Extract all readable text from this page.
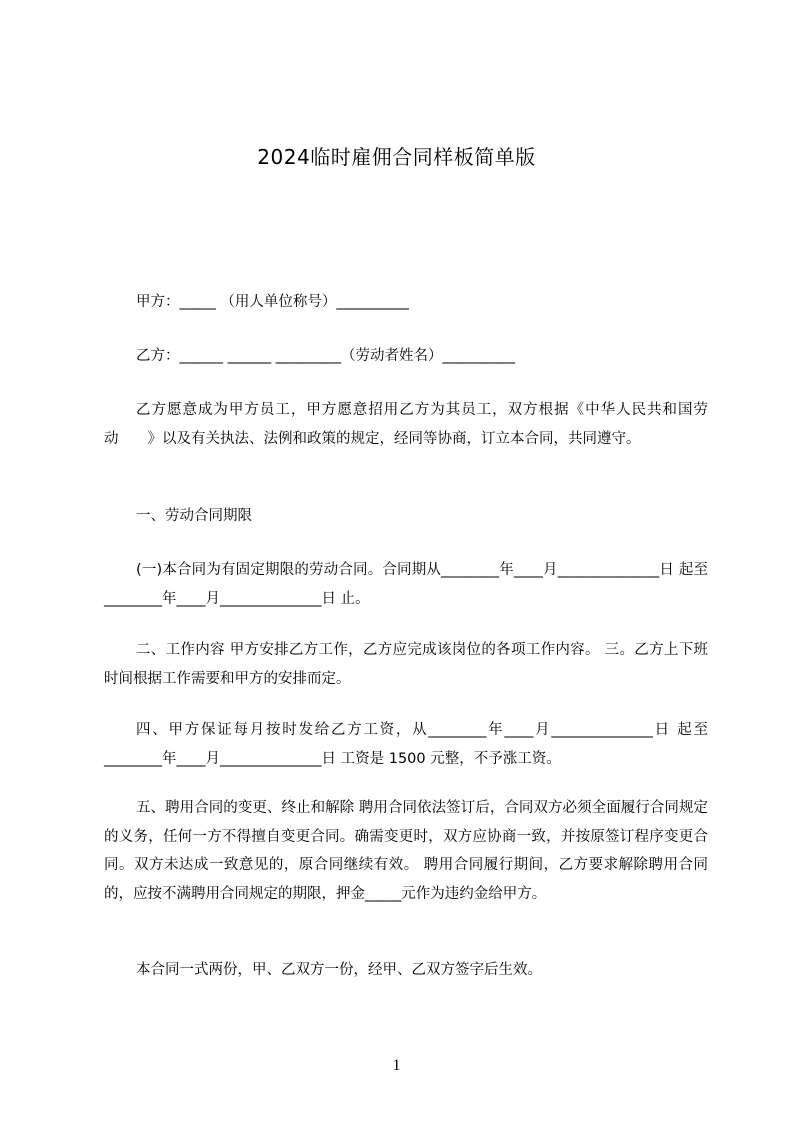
2024临时雇佣合同样板简单版
甲方：_____ （用人单位称号）__________
乙方：______ ______ _________（劳动者姓名）__________
乙方愿意成为甲方员工，甲方愿意招用乙方为其员工，双方根据《中华人民共和国劳动　　》以及有关执法、法例和政策的规定，经同等协商，订立本合同，共同遵守。
一、劳动合同期限
(一)本合同为有固定期限的劳动合同。合同期从________年____月______________日 起至________年____月______________日 止。
二、工作内容 甲方安排乙方工作，乙方应完成该岗位的各项工作内容。 三。乙方上下班时间根据工作需要和甲方的安排而定。
四、甲方保证每月按时发给乙方工资，从________年____月______________日 起至________年____月______________日 工资是 1500 元整，不予涨工资。
五、聘用合同的变更、终止和解除 聘用合同依法签订后，合同双方必须全面履行合同规定的义务，任何一方不得擅自变更合同。确需变更时，双方应协商一致，并按原签订程序变更合同。双方未达成一致意见的，原合同继续有效。 聘用合同履行期间，乙方要求解除聘用合同的，应按不满聘用合同规定的期限，押金_____元作为违约金给甲方。
本合同一式两份，甲、乙双方一份，经甲、乙双方签字后生效。
1
